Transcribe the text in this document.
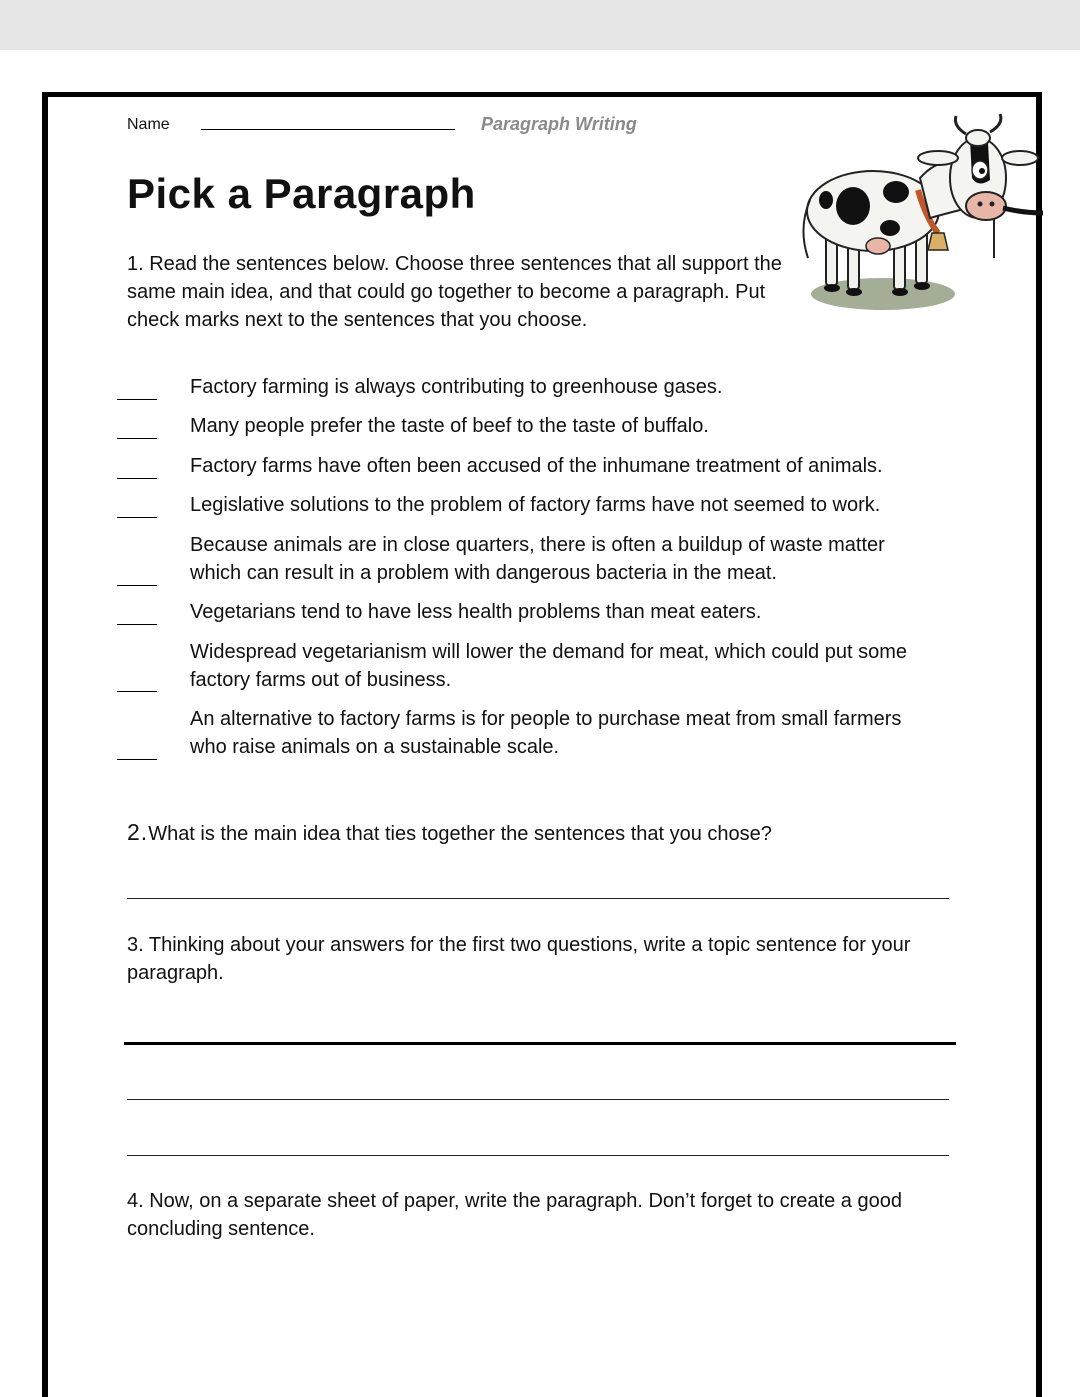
Name	Paragraph Writing
Pick a Paragraph
1. Read the sentences below. Choose three sentences that all support the same main idea, and that could go together to become a paragraph. Put check marks next to the sentences that you choose.
Factory farming is always contributing to greenhouse gases.
Many people prefer the taste of beef to the taste of buffalo.
Factory farms have often been accused of the inhumane treatment of animals.
Legislative solutions to the problem of factory farms have not seemed to work.
Because animals are in close quarters, there is often a buildup of waste matter which can result in a problem with dangerous bacteria in the meat.
Vegetarians tend to have less health problems than meat eaters.
Widespread vegetarianism will lower the demand for meat, which could put some factory farms out of business.
An alternative to factory farms is for people to purchase meat from small farmers who raise animals on a sustainable scale.
2.What is the main idea that ties together the sentences that you chose?
3. Thinking about your answers for the first two questions, write a topic sentence for your paragraph.
4. Now, on a separate sheet of paper, write the paragraph. Don’t forget to create a good concluding sentence.
